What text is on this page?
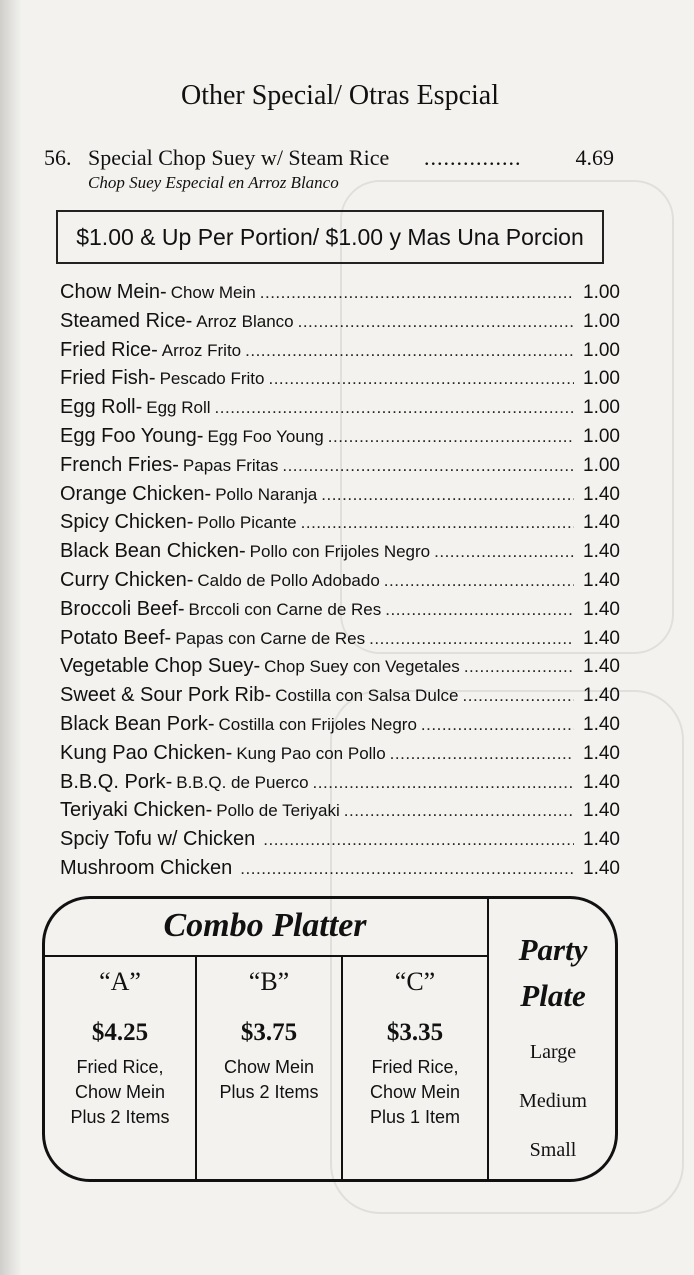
Other Special/ Otras Espcial
56. Special Chop Suey w/ Steam Rice ...............	4.69
Chop Suey Especial en Arroz Blanco
$1.00 & Up Per Portion/ $1.00 y Mas Una Porcion
Chow Mein- Chow Mein .....	1.00
Steamed Rice- Arroz Blanco .....	1.00
Fried Rice- Arroz Frito .....	1.00
Fried Fish- Pescado Frito .....	1.00
Egg Roll- Egg Roll .....	1.00
Egg Foo Young- Egg Foo Young .....	1.00
French Fries- Papas Fritas .....	1.00
Orange Chicken- Pollo Naranja .....	1.40
Spicy Chicken- Pollo Picante .....	1.40
Black Bean Chicken- Pollo con Frijoles Negro .....	1.40
Curry Chicken- Caldo de Pollo Adobado .....	1.40
Broccoli Beef- Brccoli con Carne de Res .....	1.40
Potato Beef- Papas con Carne de Res .....	1.40
Vegetable Chop Suey- Chop Suey con Vegetales .....	1.40
Sweet & Sour Pork Rib- Costilla con Salsa Dulce .....	1.40
Black Bean Pork- Costilla con Frijoles Negro .....	1.40
Kung Pao Chicken- Kung Pao con Pollo .....	1.40
B.B.Q. Pork- B.B.Q. de Puerco .....	1.40
Teriyaki Chicken- Pollo de Teriyaki .....	1.40
Spciy Tofu w/ Chicken .....	1.40
Mushroom Chicken .....	1.40
Combo Platter
“A”
$4.25
Fried Rice,
Chow Mein
Plus 2 Items
“B”
$3.75
Chow Mein
Plus 2 Items
“C”
$3.35
Fried Rice,
Chow Mein
Plus 1 Item
Party
Plate
Large
Medium
Small
